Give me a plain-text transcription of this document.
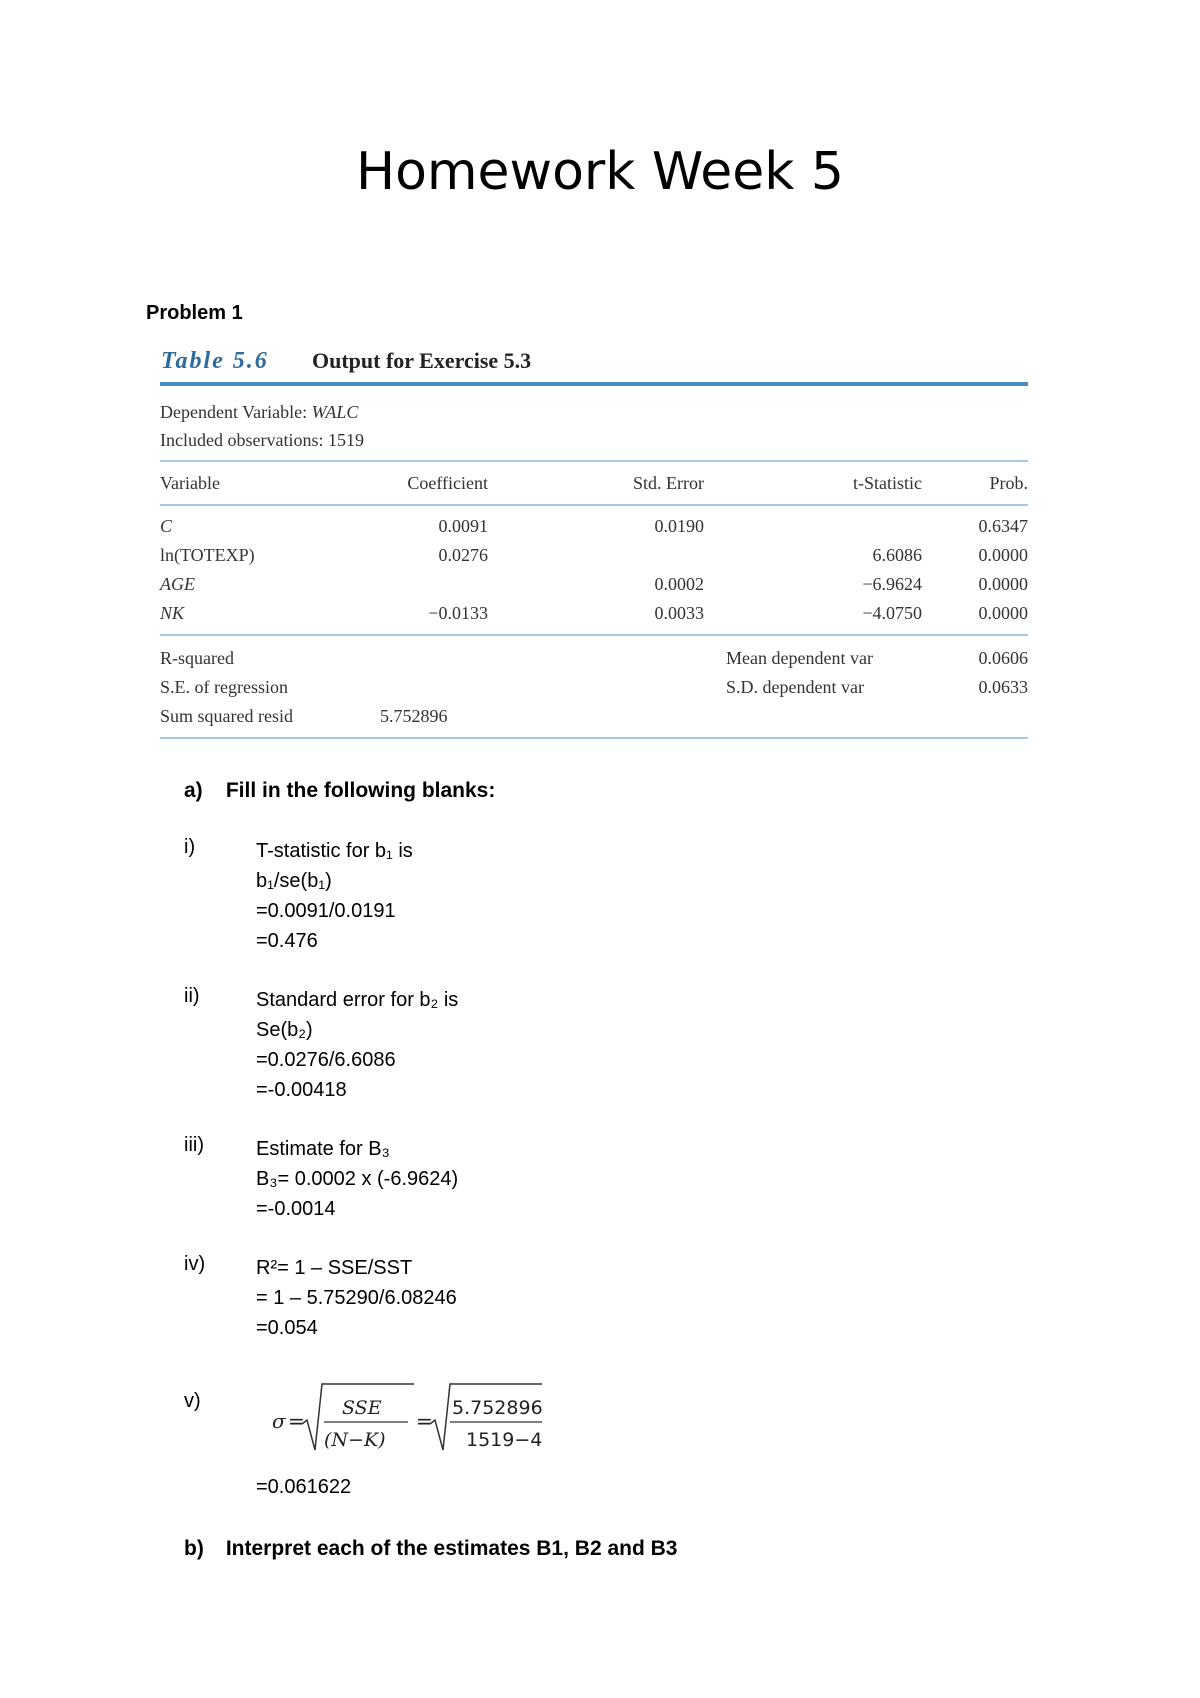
Homework Week 5
Problem 1
Table 5.6 Output for Exercise 5.3
Dependent Variable: WALC
Included observations: 1519
Variable	Coefficient	Std. Error	t-Statistic	Prob.
C	0.0091	0.0190		0.6347
ln(TOTEXP)	0.0276		6.6086	0.0000
AGE		0.0002	−6.9624	0.0000
NK	−0.0133	0.0033	−4.0750	0.0000
R-squared			Mean dependent var	0.0606
S.E. of regression			S.D. dependent var	0.0633
Sum squared resid	5.752896			
a) Fill in the following blanks:
i)	T-statistic for b₁ is
b₁/se(b₁)
=0.0091/0.0191
=0.476
ii)	Standard error for b₂ is
Se(b₂)
=0.0276/6.6086
=-0.00418
iii)	Estimate for B₃
B₃= 0.0002 x (-6.9624)
=-0.0014
iv)	R²= 1 – SSE/SST
= 1 – 5.75290/6.08246
=0.054
v)
σ =
SSE
(N−K)
=
5.752896
1519−4
=0.061622
b) Interpret each of the estimates B1, B2 and B3
